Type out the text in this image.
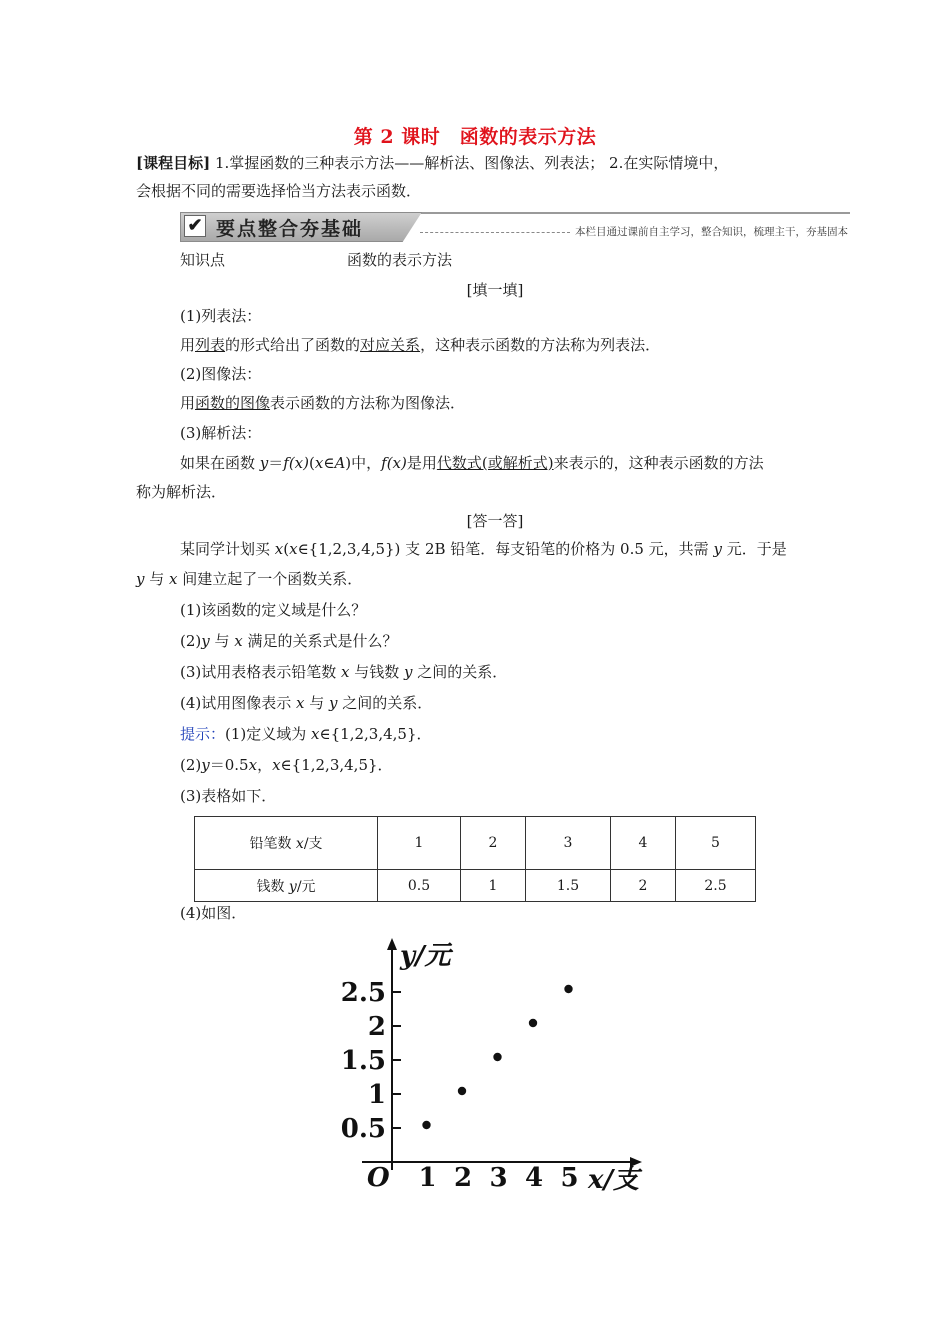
第 2 课时　函数的表示方法
[课程目标] 1.掌握函数的三种表示方法——解析法、图像法、列表法； 2.在实际情境中，
会根据不同的需要选择恰当方法表示函数．
✔ 要点整合夯基础	本栏目通过课前自主学习，整合知识，梳理主干，夯基固本
知识点	函数的表示方法
[填一填]
(1)列表法：
用列表的形式给出了函数的对应关系，这种表示函数的方法称为列表法．
(2)图像法：
用函数的图像表示函数的方法称为图像法．
(3)解析法：
如果在函数 y＝f(x)(x∈A)中，f(x)是用代数式(或解析式)来表示的，这种表示函数的方法
称为解析法．
[答一答]
某同学计划买 x(x∈{1,2,3,4,5}) 支 2B 铅笔．每支铅笔的价格为 0.5 元，共需 y 元．于是
y 与 x 间建立起了一个函数关系．
(1)该函数的定义域是什么？
(2)y 与 x 满足的关系式是什么？
(3)试用表格表示铅笔数 x 与钱数 y 之间的关系．
(4)试用图像表示 x 与 y 之间的关系．
提示：(1)定义域为 x∈{1,2,3,4,5}．
(2)y＝0.5x，x∈{1,2,3,4,5}．
(3)表格如下．
铅笔数 x/支	1	2	3	4	5
钱数 y/元	0.5	1	1.5	2	2.5
(4)如图．
y/元
x/支
O 1 2 3 4 5
0.5
1
1.5
2
2.5
